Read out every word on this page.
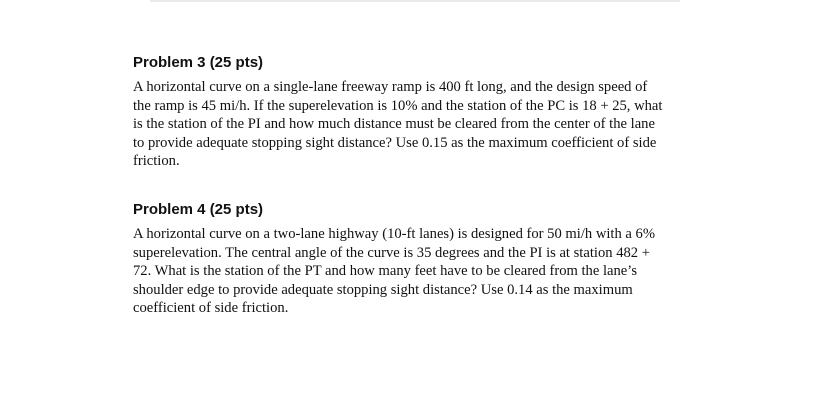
Problem 3 (25 pts)
A horizontal curve on a single-lane freeway ramp is 400 ft long, and the design speed of
the ramp is 45 mi/h. If the superelevation is 10% and the station of the PC is 18 + 25, what
is the station of the PI and how much distance must be cleared from the center of the lane
to provide adequate stopping sight distance? Use 0.15 as the maximum coefficient of side
friction.
Problem 4 (25 pts)
A horizontal curve on a two-lane highway (10-ft lanes) is designed for 50 mi/h with a 6%
superelevation. The central angle of the curve is 35 degrees and the PI is at station 482 +
72. What is the station of the PT and how many feet have to be cleared from the lane’s
shoulder edge to provide adequate stopping sight distance? Use 0.14 as the maximum
coefficient of side friction.
